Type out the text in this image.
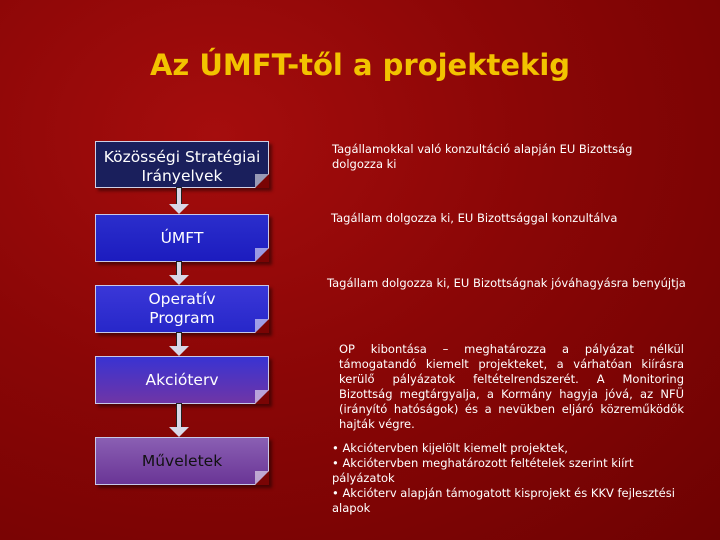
Az ÚMFT-től a projektekig
Közösségi Stratégiai
Irányelvek
ÚMFT
Operatív
Program
Akcióterv
Műveletek
Tagállamokkal való konzultáció alapján EU Bizottság dolgozza ki
Tagállam dolgozza ki, EU Bizottsággal konzultálva
Tagállam dolgozza ki, EU Bizottságnak jóváhagyásra benyújtja
OP kibontása – meghatározza a pályázat nélkül támogatandó kiemelt projekteket, a várhatóan kiírásra kerülő pályázatok feltételrendszerét. A Monitoring Bizottság megtárgyalja, a Kormány hagyja jóvá, az NFÜ (irányító hatóságok) és a nevükben eljáró közreműködők hajták végre.
• Akciótervben kijelölt kiemelt projektek,
• Akciótervben meghatározott feltételek szerint kiírt pályázatok
• Akcióterv alapján támogatott kisprojekt és KKV fejlesztési alapok
